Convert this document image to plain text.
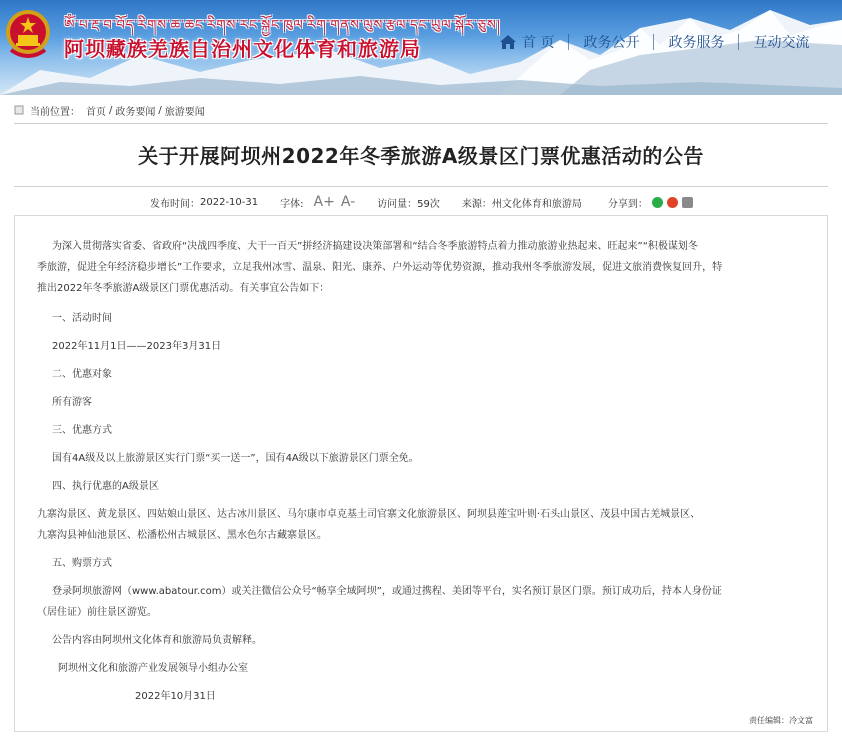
ༀ་པ་རྔ་བ་བོད་རིགས་ཆ་ཆང་རིགས་རང་སྐྱོང་ཁུལ་རིག་གནས་ལུས་རྩལ་དང་ཡུལ་སྐོར་ཅུས།
阿坝藏族羌族自治州文化体育和旅游局	首 页 政务公开 政务服务 互动交流
当前位置： 首页 / 政务要闻 / 旅游要闻
关于开展阿坝州2022年冬季旅游A级景区门票优惠活动的公告
发布时间： 2022-10-31 字体: A+ A- 访问量： 59次 来源： 州文化体育和旅游局	分享到：

为深入贯彻落实省委、省政府“决战四季度、大干一百天”拼经济搞建设决策部署和“结合冬季旅游特点着力推动旅游业热起来、旺起来”“积极谋划冬

季旅游，促进全年经济稳步增长”工作要求，立足我州冰雪、温泉、阳光、康养、户外运动等优势资源，推动我州冬季旅游发展，促进文旅消费恢复回升，特

推出2022年冬季旅游A级景区门票优惠活动。有关事宜公告如下：

一、活动时间

2022年11月1日——2023年3月31日

二、优惠对象

所有游客

三、优惠方式

国有4A级及以上旅游景区实行门票“买一送一”，国有4A级以下旅游景区门票全免。

四、执行优惠的A级景区

九寨沟景区、黄龙景区、四姑娘山景区、达古冰川景区、马尔康市卓克基土司官寨文化旅游景区、阿坝县莲宝叶则·石头山景区、茂县中国古羌城景区、

九寨沟县神仙池景区、松潘松州古城景区、黑水色尔古藏寨景区。

五、购票方式

登录阿坝旅游网（www.abatour.com）或关注微信公众号“畅享全域阿坝”，或通过携程、美团等平台，实名预订景区门票。预订成功后，持本人身份证

（居住证）前往景区游览。

公告内容由阿坝州文化体育和旅游局负责解释。

阿坝州文化和旅游产业发展领导小组办公室

2022年10月31日

责任编辑：冷文富
